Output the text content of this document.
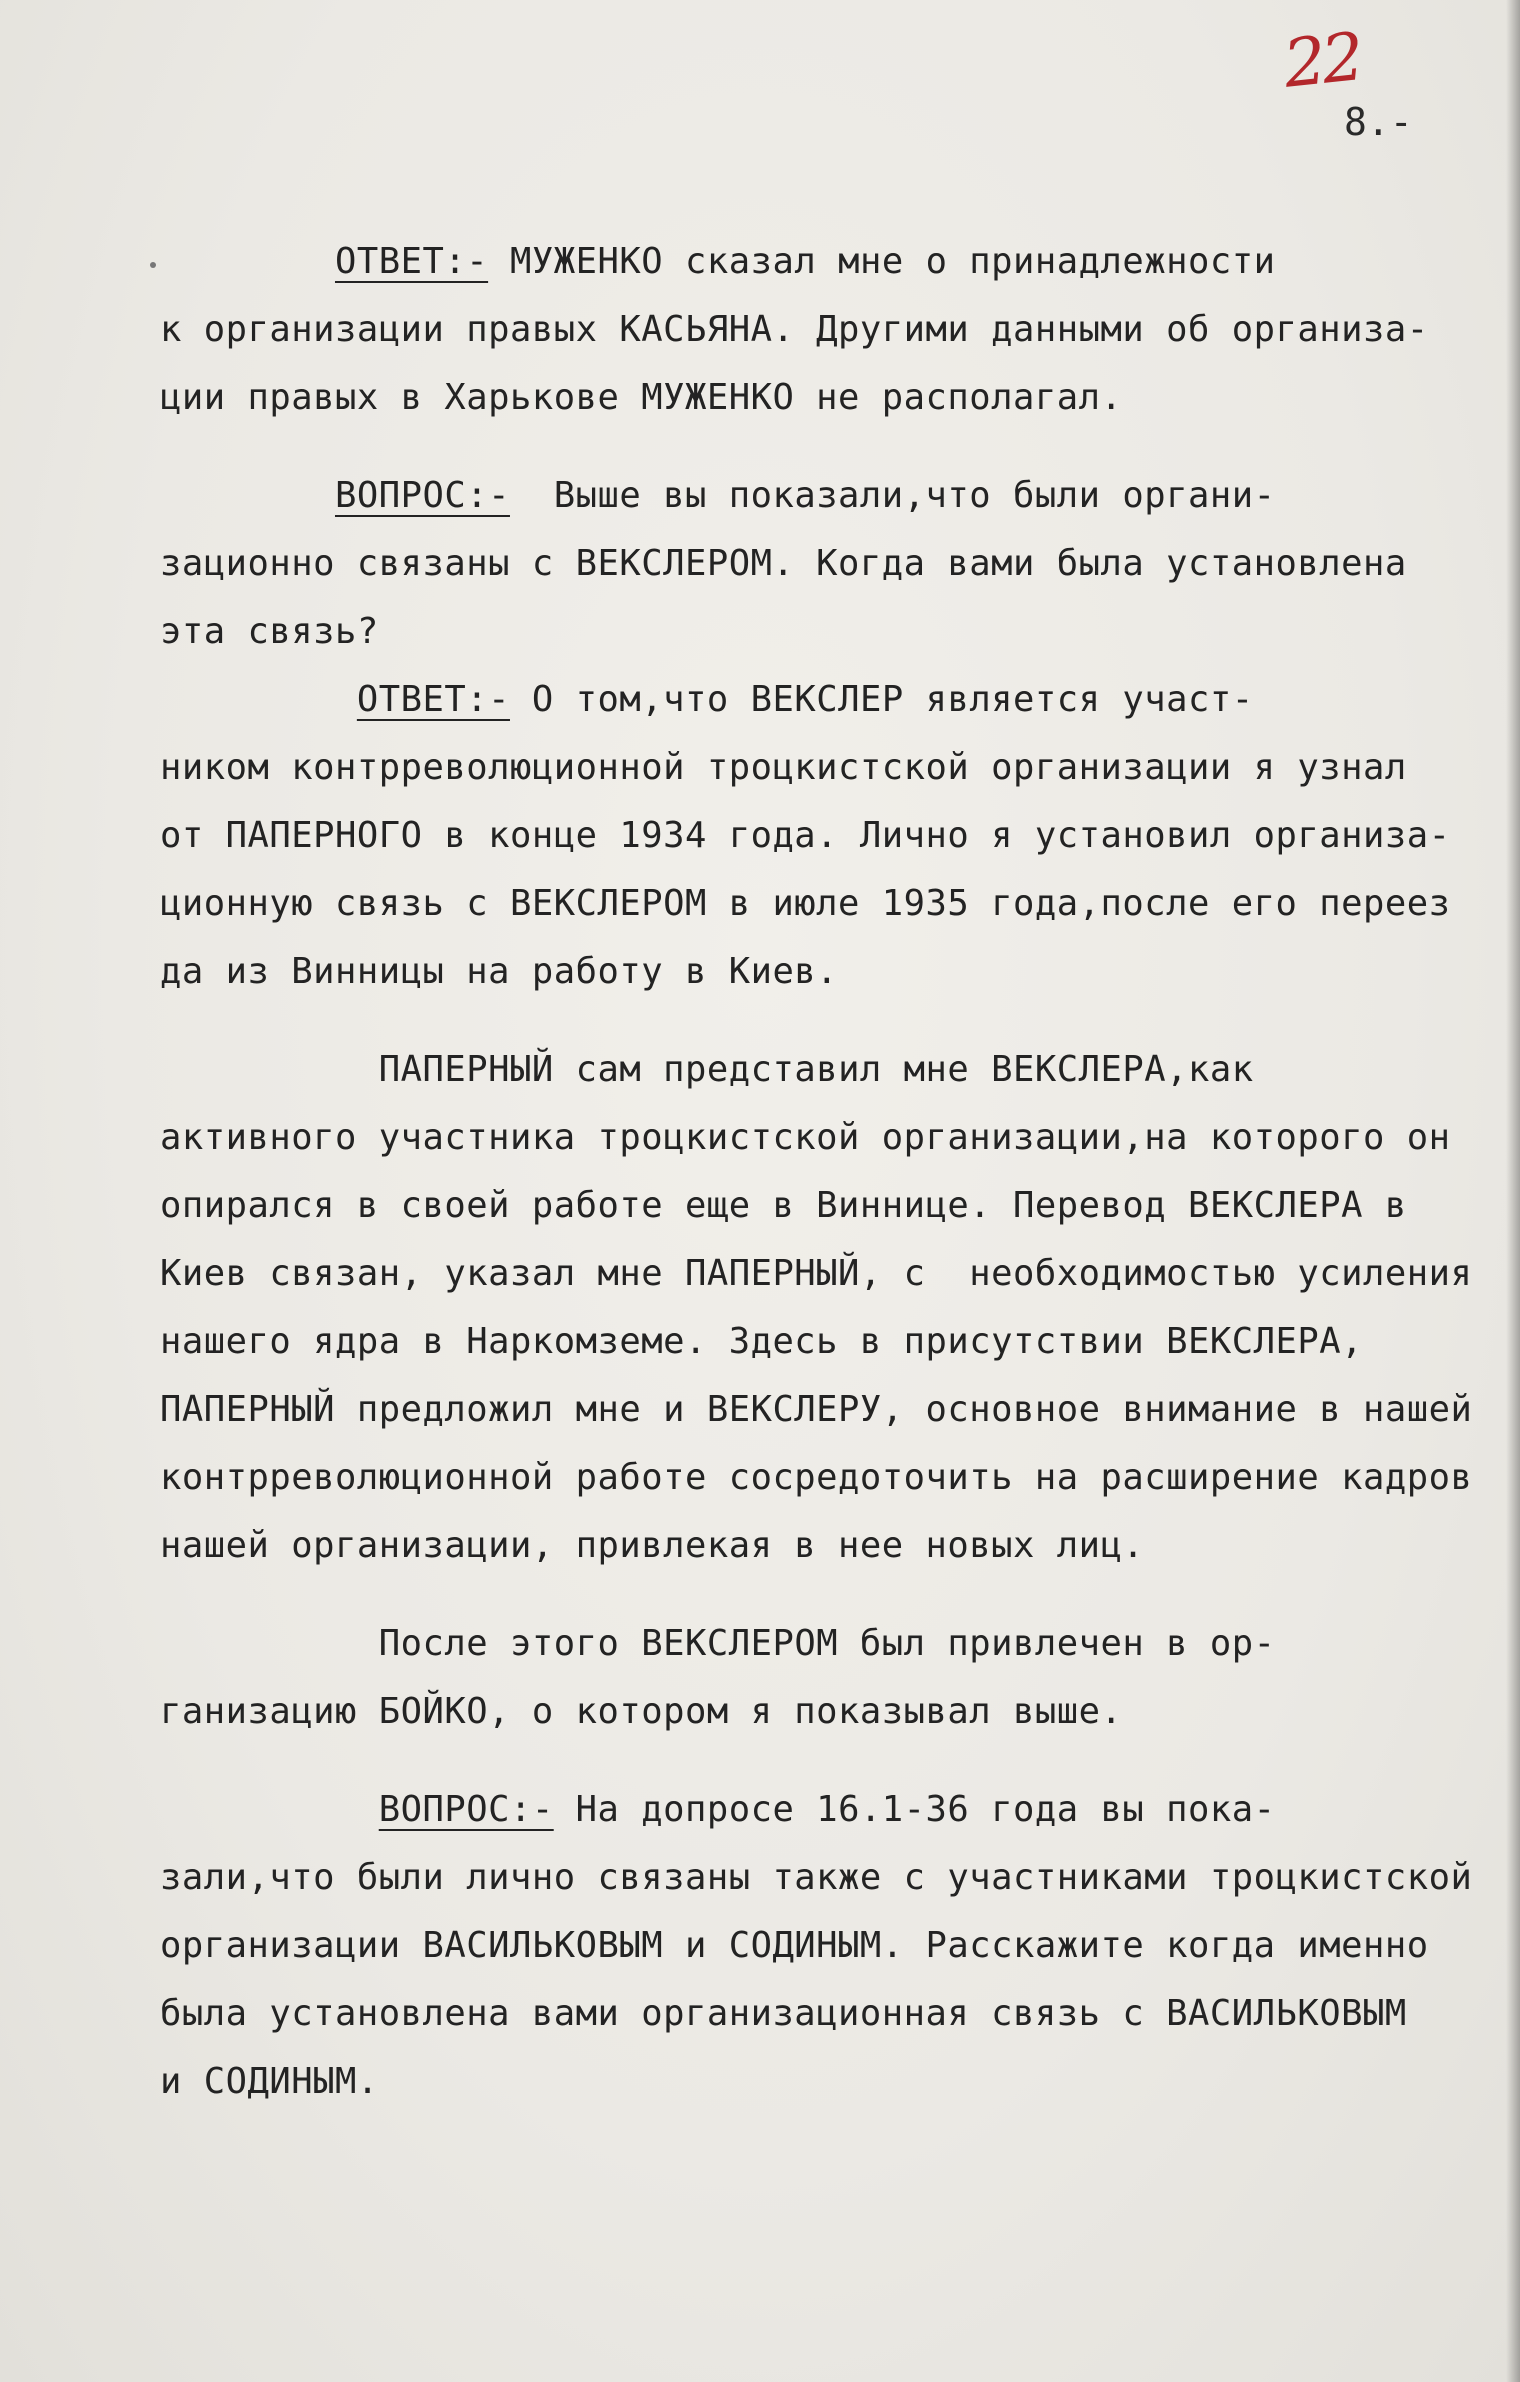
22
8.-
ОТВЕТ:- МУЖЕНКО сказал мне о принадлежности
к организации правых КАСЬЯНА. Другими данными об организа-
ции правых в Харькове МУЖЕНКО не располагал.
ВОПРОС:-  Выше вы показали,что были органи-
зационно связаны с ВЕКСЛЕРОМ. Когда вами была установлена
эта связь?
ОТВЕТ:- О том,что ВЕКСЛЕР является участ-
ником контрреволюционной троцкистской организации я узнал
от ПАПЕРНОГО в конце 1934 года. Лично я установил организа-
ционную связь с ВЕКСЛЕРОМ в июле 1935 года,после его переез
да из Винницы на работу в Киев.
ПАПЕРНЫЙ сам представил мне ВЕКСЛЕРА,как
активного участника троцкистской организации,на которого он
опирался в своей работе еще в Виннице. Перевод ВЕКСЛЕРА в
Киев связан, указал мне ПАПЕРНЫЙ, с  необходимостью усиления
нашего ядра в Наркомземе. Здесь в присутствии ВЕКСЛЕРА,
ПАПЕРНЫЙ предложил мне и ВЕКСЛЕРУ, основное внимание в нашей
контрреволюционной работе сосредоточить на расширение кадров
нашей организации, привлекая в нее новых лиц.
После этого ВЕКСЛЕРОМ был привлечен в ор-
ганизацию БОЙКО, о котором я показывал выше.
ВОПРОС:- На допросе 16.1-36 года вы пока-
зали,что были лично связаны также с участниками троцкистской
организации ВАСИЛЬКОВЫМ и СОДИНЫМ. Расскажите когда именно
была установлена вами организационная связь с ВАСИЛЬКОВЫМ
и СОДИНЫМ.
